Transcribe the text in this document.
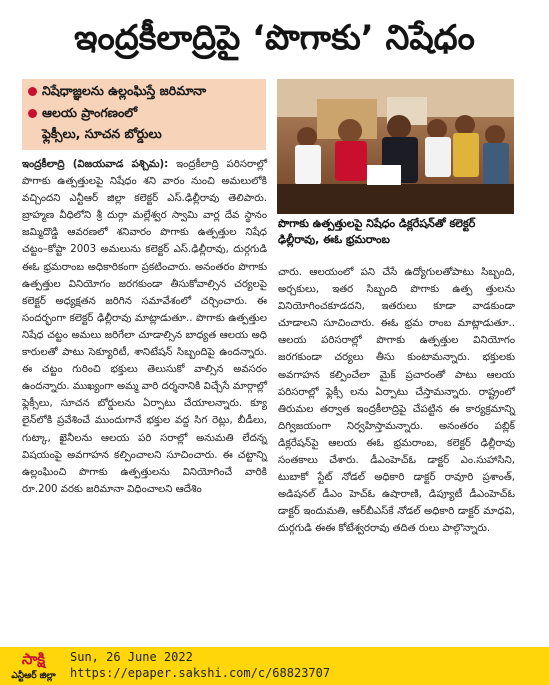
ఇంద్రకీలాద్రిపై ‘పొగాకు’ నిషేధం
నిషేధాజ్ఞలను ఉల్లంఘిస్తే జరిమానా
ఆలయ ప్రాంగణంలో
ఫ్లెక్సీలు, సూచన బోర్డులు
పొగాకు ఉత్పత్తులపై నిషేధం డిక్లరేషన్‌తో కలెక్టర్ ఢిల్లీరావు, ఈఓ భ్రమరాంబ

ఇంద్రకీలాద్రి (విజయవాడ పశ్చిమ): ఇంద్రకీలాద్రి పరిసరాల్లో పొగాకు ఉత్పత్తులపై నిషేధం శని వారం నుంచి అమలులోకి వచ్చిందని ఎన్టీఆర్ జిల్లా కలెక్టర్ ఎస్.ఢిల్లీరావు తెలిపారు. బ్రాహ్మణ వీధిలోని శ్రీ దుర్గా మల్లేశ్వర స్వామి వార్ల దేవ స్థానం జమ్మిదొడ్డి ఆవరణలో శనివారం పొగాకు ఉత్పత్తుల నిషేధ చట్టం–కోప్టా 2003 అమలును కలెక్టర్ ఎస్.ఢిల్లీరావు, దుర్గగుడి ఈఓ భ్రమరాంబ అధికారికంగా ప్రకటించారు. అనంతరం పొగాకు ఉత్పత్తుల వినియోగం జరగకుండా తీసుకోవాల్సిన చర్యలపై కలెక్టర్ అధ్యక్షతన జరిగిన సమావేశంలో చర్చించారు. ఈ సందర్భంగా కలెక్టర్ ఢిల్లీరావు మాట్లాడుతూ.. పొగాకు ఉత్పత్తుల నిషేధ చట్టం అమలు జరిగేలా చూడాల్సిన బాధ్యత ఆలయ అధి కారులతో పాటు సెక్యూరిటీ, శానిటేషన్ సిబ్బందిపై ఉందన్నారు. ఈ చట్టం గురించి భక్తులు తెలుసుకో వాల్సిన అవసరం ఉందన్నారు. ముఖ్యంగా అమ్మ వారి దర్శనానికి విచ్చేసే మార్గాల్లో ఫ్లెక్సీలు, సూచన బోర్డులను ఏర్పాటు చేయాలన్నారు. క్యూ లైన్‌లోకి ప్రవేశించే ముందుగానే భక్తుల వద్ద సిగ రెట్లు, బీడీలు, గుట్కా, ఖైనీలను ఆలయ పరి సరాల్లో అనుమతి లేదన్న విషయంపై అవగాహన కల్పించాలని సూచించారు. ఈ చట్టాన్ని ఉల్లంఘించి పొగాకు ఉత్పత్తులను వినియోగించే వారికి రూ.200 వరకు జరిమానా విధించాలని ఆదేశిం

చారు. ఆలయంలో పని చేసే ఉద్యోగులతోపాటు సిబ్బంది, అర్చకులు, ఇతర సిబ్బంది పొగాకు ఉత్ప త్తులను వినియోగించకూడదని, ఇతరులు కూడా వాడకుండా చూడాలని సూచించారు. ఈఓ భ్రమ రాంబ మాట్లాడుతూ.. ఆలయ పరిసరాల్లో పొగాకు ఉత్పత్తుల వినియోగం జరగకుండా చర్యలు తీసు కుంటామన్నారు. భక్తులకు అవగాహన కల్పించేలా మైక్ ప్రచారంతో పాటు ఆలయ పరిసరాల్లో ఫ్లెక్సీ లను ఏర్పాటు చేస్తామన్నారు. రాష్ట్రంలో తిరుమల తర్వాత ఇంద్రకీలాద్రిపై చేపట్టిన ఈ కార్యక్రమాన్ని దిగ్విజయంగా నిర్వహిస్తామన్నారు. అనంతరం పబ్లిక్ డిక్లరేషన్‌పై ఆలయ ఈఓ భ్రమరాంబ, కలెక్టర్ ఢిల్లీరావు సంతకాలు చేశారు. డీఎంహెచ్ఓ డాక్టర్ ఎం.సుహాసిని, టుబాకో స్టేట్ నోడల్ అధికారి డాక్టర్ రావూరి ప్రశాంత్, అడిషనల్ డీఎం హెచ్ఓ ఉషారాణి, డిప్యూటీ డీఎంహెచ్ఓ డాక్టర్ ఇందుమతి, ఆర్‌బీఎస్‌కే నోడల్ అధికారి డాక్టర్ మాధవి, దుర్గగుడి ఈఈ కోటేశ్వరరావు తదిత రులు పాల్గొన్నారు.

సాక్షి
ఎన్టీఆర్ జిల్లా
Sun, 26 June 2022
https://epaper.sakshi.com/c/68823707
